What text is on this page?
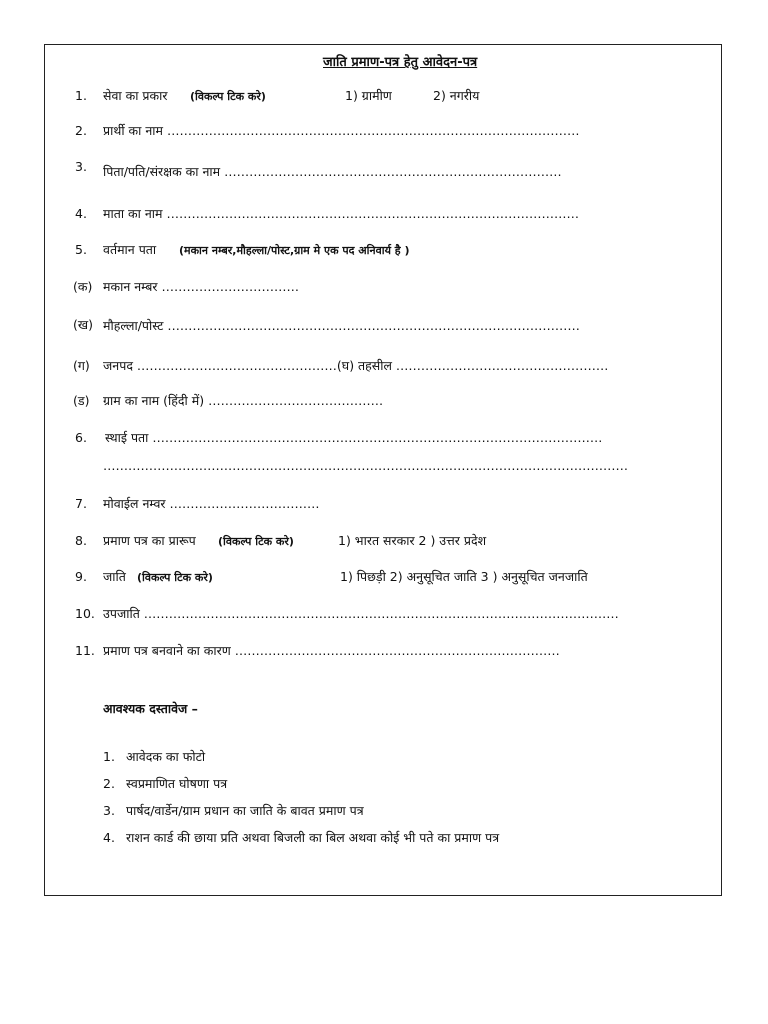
जाति प्रमाण-पत्र हेतु आवेदन-पत्र
1. सेवा का प्रकार (विकल्प टिक करे)	1) ग्रामीण	2) नगरीय
2. प्रार्थी का नाम ………………………………………………………………………………………
3. पिता/पति/संरक्षक का नाम ………………………………………………………………………
4. माता का नाम ………………………………………………………………………………………
5. वर्तमान पता (मकान नम्बर,मौहल्ला/पोस्ट,ग्राम मे एक पद अनिवार्य है )
(क) मकान नम्बर ……………………………
(ख) मौहल्ला/पोस्ट ………………………………………………………………………………………
(ग) जनपद …………………………………………(घ) तहसील ……………………………………………
(ड) ग्राम का नाम (हिंदी में) ……………………………………
6. स्थाई पता ………………………………………………………………………………………………
………………………………………………………………………………………………………………
7. मोवाईल नम्वर ………………………………
8. प्रमाण पत्र का प्रारूप (विकल्प टिक करे)	1) भारत सरकार 2 ) उत्तर प्रदेश
9. जाति (विकल्प टिक करे)	1) पिछड़ी 2) अनुसूचित जाति 3 ) अनुसूचित जनजाति
10. उपजाति ……………………………………………………………………………………………………
11. प्रमाण पत्र बनवाने का कारण ……………………………………………………………………
आवश्यक दस्तावेज –
1. आवेदक का फोटो
2. स्वप्रमाणित घोषणा पत्र
3. पार्षद/वार्डेन/ग्राम प्रधान का जाति के बावत प्रमाण पत्र
4. राशन कार्ड की छाया प्रति अथवा बिजली का बिल अथवा कोई भी पते का प्रमाण पत्र
